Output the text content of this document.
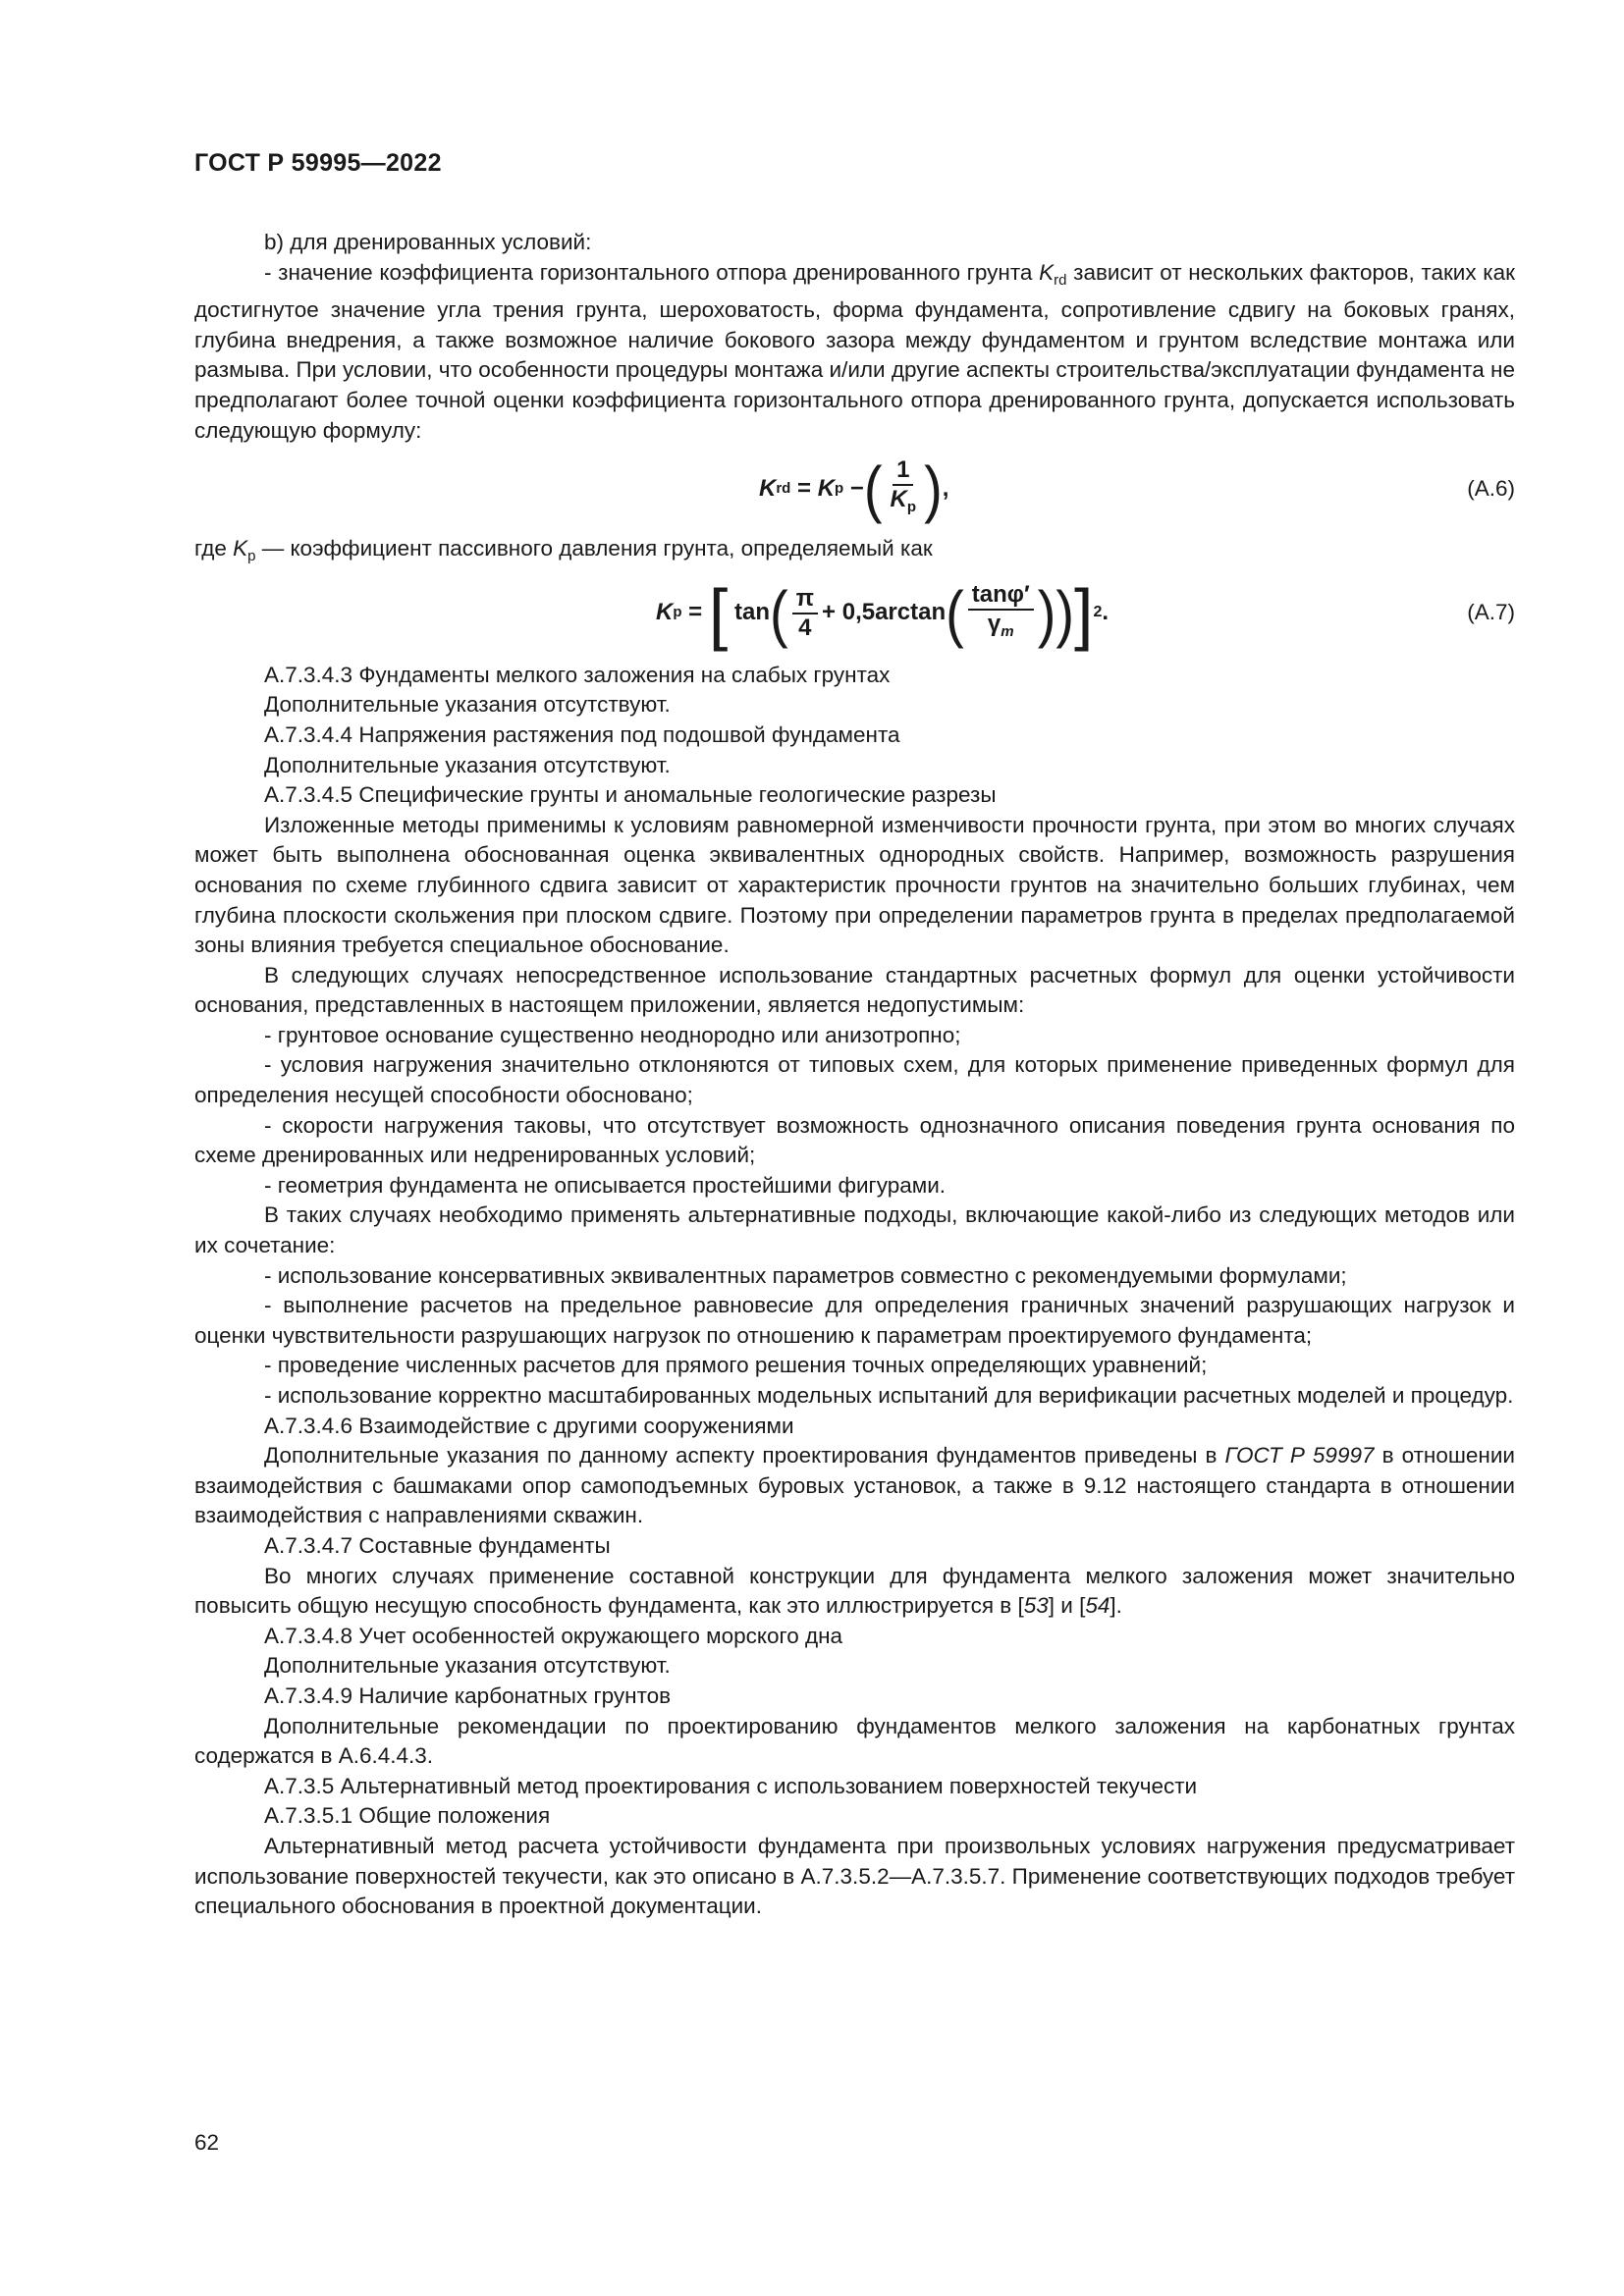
ГОСТ Р 59995—2022

b) для дренированных условий:

- значение коэффициента горизонтального отпора дренированного грунта $K_{rd}$ зависит от нескольких факторов, таких как достигнутое значение угла трения грунта, шероховатость, форма фундамента, сопротивление сдвигу на боковых гранях, глубина внедрения, а также возможное наличие бокового зазора между фундаментом и грунтом вследствие монтажа или размыва. При условии, что особенности процедуры монтажа и/или другие аспекты строительства/эксплуатации фундамента не предполагают более точной оценки коэффициента горизонтального отпора дренированного грунта, допускается использовать следующую формулу:

K rd = K p − ( $\frac{1}{K_p}$ ) ,	(А.6)

где $K_p$ — коэффициент пассивного давления грунта, определяемый как

K p = [ tan ( $\frac{\pi}{4} + 0,5\arctan$ ( $\frac{\tan\varphi'}{\gamma_m}$ )) ] 2 .	(А.7)

А.7.3.4.3 Фундаменты мелкого заложения на слабых грунтах

Дополнительные указания отсутствуют.

А.7.3.4.4 Напряжения растяжения под подошвой фундамента

Дополнительные указания отсутствуют.

А.7.3.4.5 Специфические грунты и аномальные геологические разрезы

Изложенные методы применимы к условиям равномерной изменчивости прочности грунта, при этом во многих случаях может быть выполнена обоснованная оценка эквивалентных однородных свойств. Например, возможность разрушения основания по схеме глубинного сдвига зависит от характеристик прочности грунтов на значительно больших глубинах, чем глубина плоскости скольжения при плоском сдвиге. Поэтому при определении параметров грунта в пределах предполагаемой зоны влияния требуется специальное обоснование.

В следующих случаях непосредственное использование стандартных расчетных формул для оценки устойчивости основания, представленных в настоящем приложении, является недопустимым:

- грунтовое основание существенно неоднородно или анизотропно;

- условия нагружения значительно отклоняются от типовых схем, для которых применение приведенных формул для определения несущей способности обосновано;

- скорости нагружения таковы, что отсутствует возможность однозначного описания поведения грунта основания по схеме дренированных или недренированных условий;

- геометрия фундамента не описывается простейшими фигурами.

В таких случаях необходимо применять альтернативные подходы, включающие какой-либо из следующих методов или их сочетание:

- использование консервативных эквивалентных параметров совместно с рекомендуемыми формулами;

- выполнение расчетов на предельное равновесие для определения граничных значений разрушающих нагрузок и оценки чувствительности разрушающих нагрузок по отношению к параметрам проектируемого фундамента;

- проведение численных расчетов для прямого решения точных определяющих уравнений;

- использование корректно масштабированных модельных испытаний для верификации расчетных моделей и процедур.

А.7.3.4.6 Взаимодействие с другими сооружениями

Дополнительные указания по данному аспекту проектирования фундаментов приведены в ГОСТ Р 59997 в отношении взаимодействия с башмаками опор самоподъемных буровых установок, а также в 9.12 настоящего стандарта в отношении взаимодействия с направлениями скважин.

А.7.3.4.7 Составные фундаменты

Во многих случаях применение составной конструкции для фундамента мелкого заложения может значительно повысить общую несущую способность фундамента, как это иллюстрируется в [53] и [54].

А.7.3.4.8 Учет особенностей окружающего морского дна

Дополнительные указания отсутствуют.

А.7.3.4.9 Наличие карбонатных грунтов

Дополнительные рекомендации по проектированию фундаментов мелкого заложения на карбонатных грунтах содержатся в А.6.4.4.3.

А.7.3.5 Альтернативный метод проектирования с использованием поверхностей текучести

А.7.3.5.1 Общие положения

Альтернативный метод расчета устойчивости фундамента при произвольных условиях нагружения предусматривает использование поверхностей текучести, как это описано в А.7.3.5.2—А.7.3.5.7. Применение соответствующих подходов требует специального обоснования в проектной документации.

62
